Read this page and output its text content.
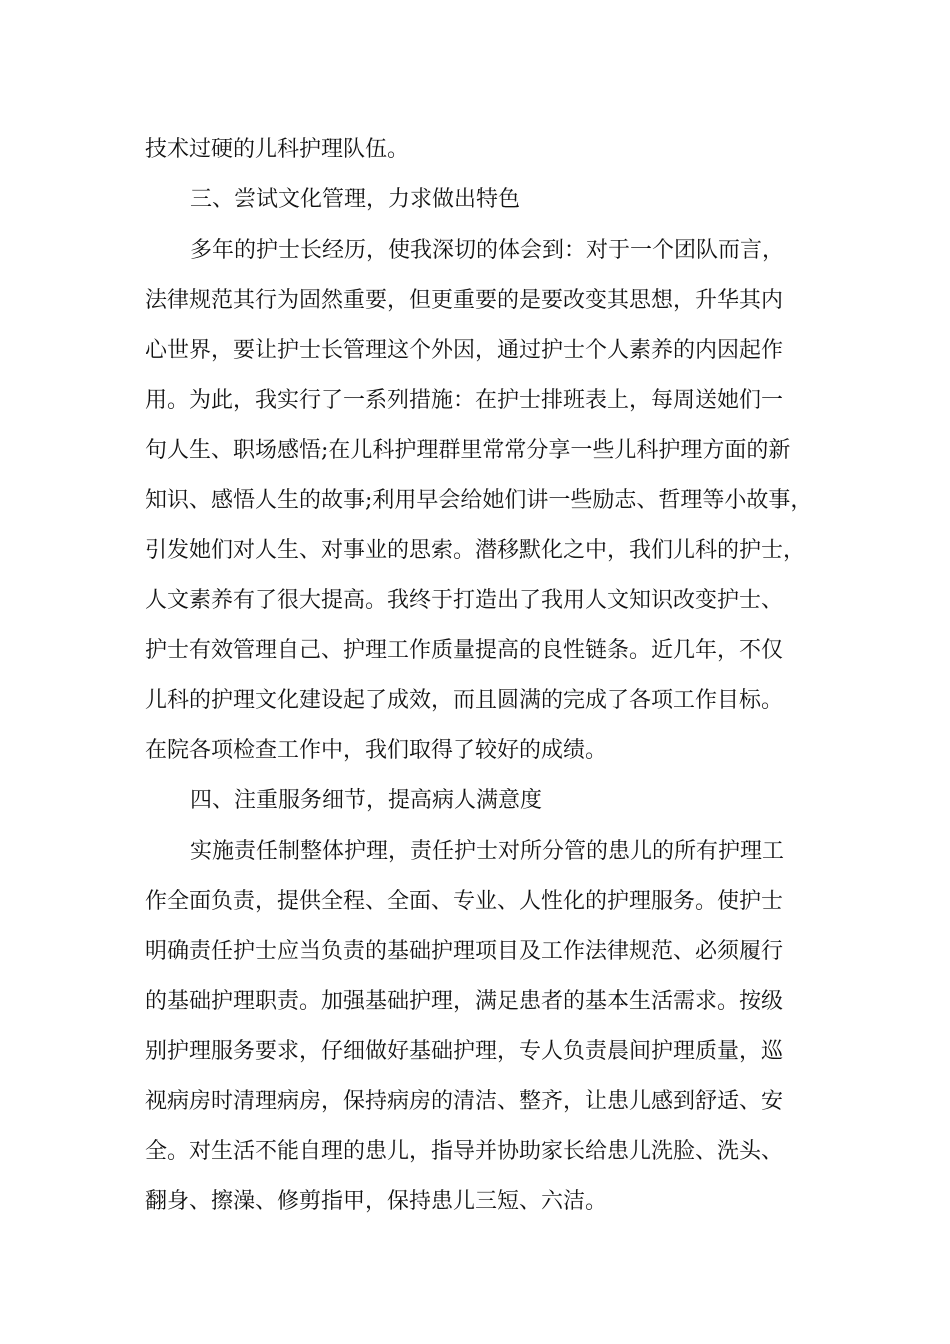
技术过硬的儿科护理队伍。
三、尝试文化管理，力求做出特色
多年的护士长经历，使我深切的体会到：对于一个团队而言，
法律规范其行为固然重要，但更重要的是要改变其思想，升华其内
心世界，要让护士长管理这个外因，通过护士个人素养的内因起作
用。为此，我实行了一系列措施：在护士排班表上，每周送她们一
句人生、职场感悟;在儿科护理群里常常分享一些儿科护理方面的新
知识、感悟人生的故事;利用早会给她们讲一些励志、哲理等小故事，
引发她们对人生、对事业的思索。潜移默化之中，我们儿科的护士，
人文素养有了很大提高。我终于打造出了我用人文知识改变护士、
护士有效管理自己、护理工作质量提高的良性链条。近几年，不仅
儿科的护理文化建设起了成效，而且圆满的完成了各项工作目标。
在院各项检查工作中，我们取得了较好的成绩。
四、注重服务细节，提高病人满意度
实施责任制整体护理，责任护士对所分管的患儿的所有护理工
作全面负责，提供全程、全面、专业、人性化的护理服务。使护士
明确责任护士应当负责的基础护理项目及工作法律规范、必须履行
的基础护理职责。加强基础护理，满足患者的基本生活需求。按级
别护理服务要求，仔细做好基础护理，专人负责晨间护理质量，巡
视病房时清理病房，保持病房的清洁、整齐，让患儿感到舒适、安
全。对生活不能自理的患儿，指导并协助家长给患儿洗脸、洗头、
翻身、擦澡、修剪指甲，保持患儿三短、六洁。
